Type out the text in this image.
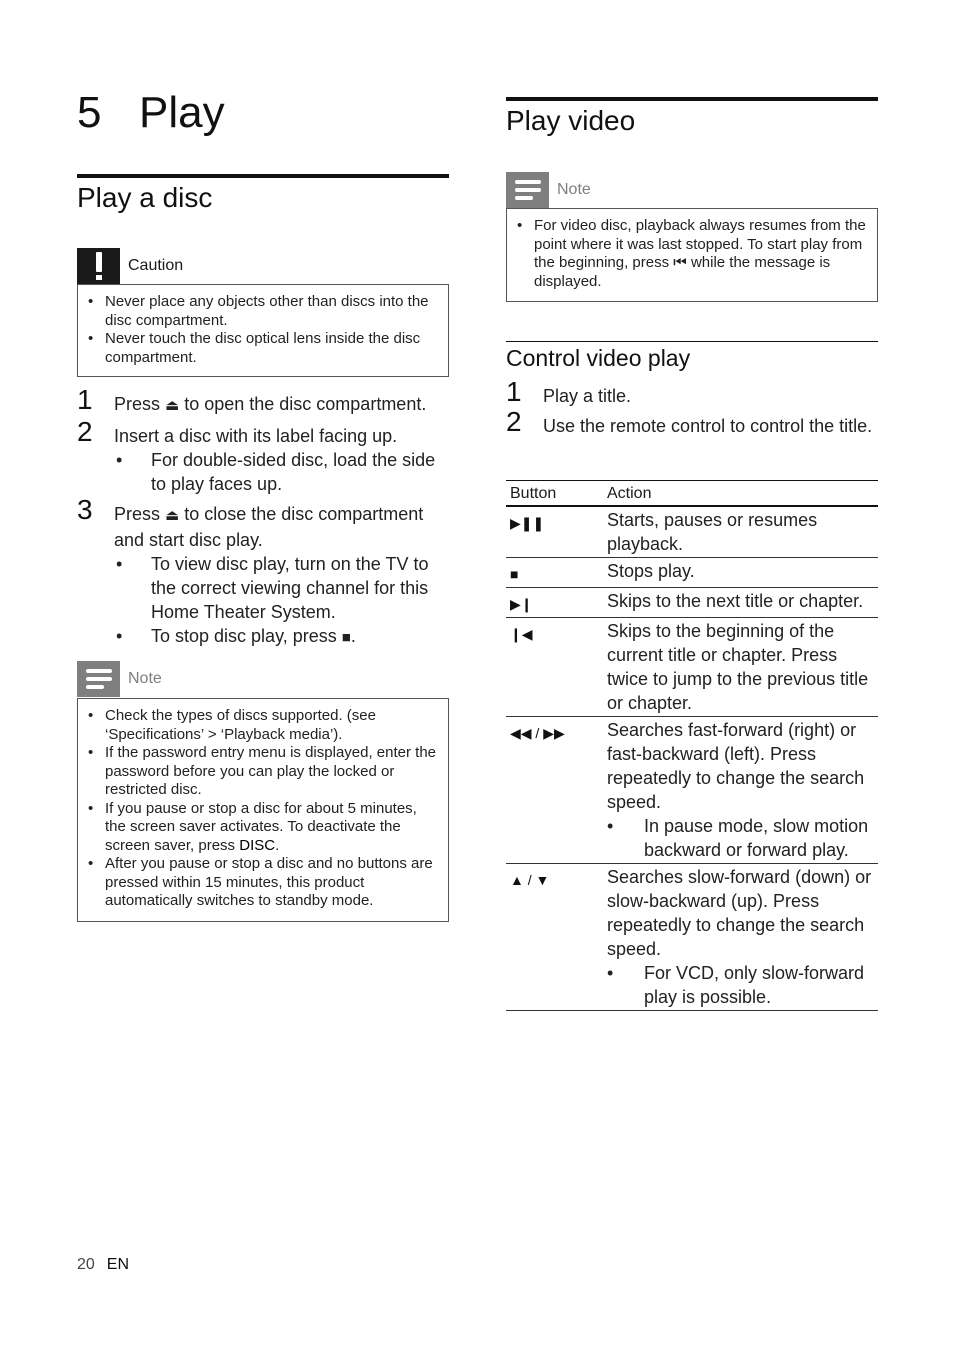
5 Play
Play a disc
Caution
• Never place any objects other than discs into the disc compartment.
• Never touch the disc optical lens inside the disc compartment.
1 Press ⏏ to open the disc compartment.
2 Insert a disc with its label facing up.
• For double-sided disc, load the side to play faces up.
3 Press ⏏ to close the disc compartment and start disc play.
• To view disc play, turn on the TV to the correct viewing channel for this Home Theater System.
• To stop disc play, press ■.
Note
• Check the types of discs supported. (see ‘Specifications’ > ‘Playback media’).
• If the password entry menu is displayed, enter the password before you can play the locked or restricted disc.
• If you pause or stop a disc for about 5 minutes, the screen saver activates. To deactivate the screen saver, press DISC.
• After you pause or stop a disc and no buttons are pressed within 15 minutes, this product automatically switches to standby mode.
Play video
Note
• For video disc, playback always resumes from the point where it was last stopped. To start play from the beginning, press ⏮ while the message is displayed.
Control video play
1 Play a title.
2 Use the remote control to control the title.
Button	Action
▶❚❚	Starts, pauses or resumes playback.
■	Stops play.
▶❙	Skips to the next title or chapter.
❙◀	Skips to the beginning of the current title or chapter. Press twice to jump to the previous title or chapter.
◀◀ / ▶▶	Searches fast-forward (right) or fast-backward (left). Press repeatedly to change the search speed.
• In pause mode, slow motion backward or forward play.

▲ / ▼	Searches slow-forward (down) or slow-backward (up). Press repeatedly to change the search speed.
• For VCD, only slow-forward play is possible.
20 EN
